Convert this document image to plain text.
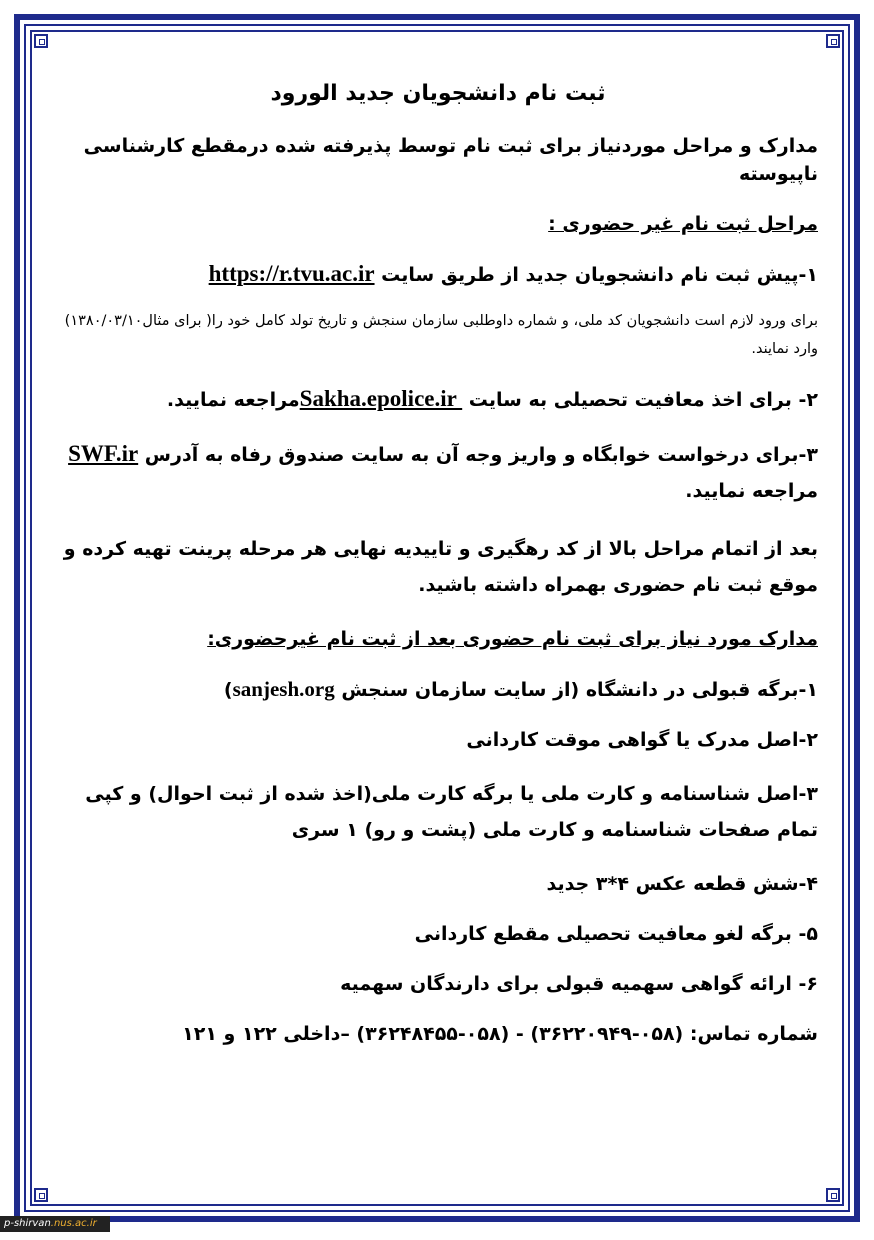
ثبت نام دانشجویان جدید الورود
مدارک و مراحل موردنیاز برای ثبت نام توسط پذیرفته شده درمقطع کارشناسی ناپیوسته
مراحل ثبت نام غیر حضوری :
۱-پیش ثبت نام دانشجویان جدید از طریق سایت https://r.tvu.ac.ir
برای ورود لازم است دانشجویان کد ملی، و شماره داوطلبی سازمان سنجش و تاریخ تولد کامل خود را( برای مثال۱۳۸۰/۰۳/۱۰) وارد نمایند.
۲- برای اخذ معافیت تحصیلی به سایت Sakha.epolice.ir مراجعه نمایید.
۳-برای درخواست خوابگاه و واریز وجه آن به سایت صندوق رفاه به آدرس SWF.ir
مراجعه نمایید.
بعد از اتمام مراحل بالا از کد رهگیری و تاییدیه نهایی هر مرحله پرینت تهیه کرده و موقع ثبت نام حضوری بهمراه داشته باشید.
مدارک مورد نیاز برای ثبت نام حضوری بعد از ثبت نام غیرحضوری:
۱-برگه قبولی در دانشگاه (از سایت سازمان سنجش sanjesh.org)
۲-اصل مدرک یا گواهی موقت کاردانی
۳-اصل شناسنامه و کارت ملی یا برگه کارت ملی(اخذ شده از ثبت احوال) و کپی تمام صفحات شناسنامه و کارت ملی (پشت و رو) ۱ سری
۴-شش قطعه عکس ۴*۳ جدید
۵- برگه لغو معافیت تحصیلی مقطع کاردانی
۶- ارائه گواهی سهمیه قبولی برای دارندگان سهمیه
شماره تماس: (۰۵۸-۳۶۲۲۰۹۴۹) - (۰۵۸-۳۶۲۴۸۴۵۵) –داخلی ۱۲۲ و ۱۲۱
p-shirvan.nus.ac.ir
